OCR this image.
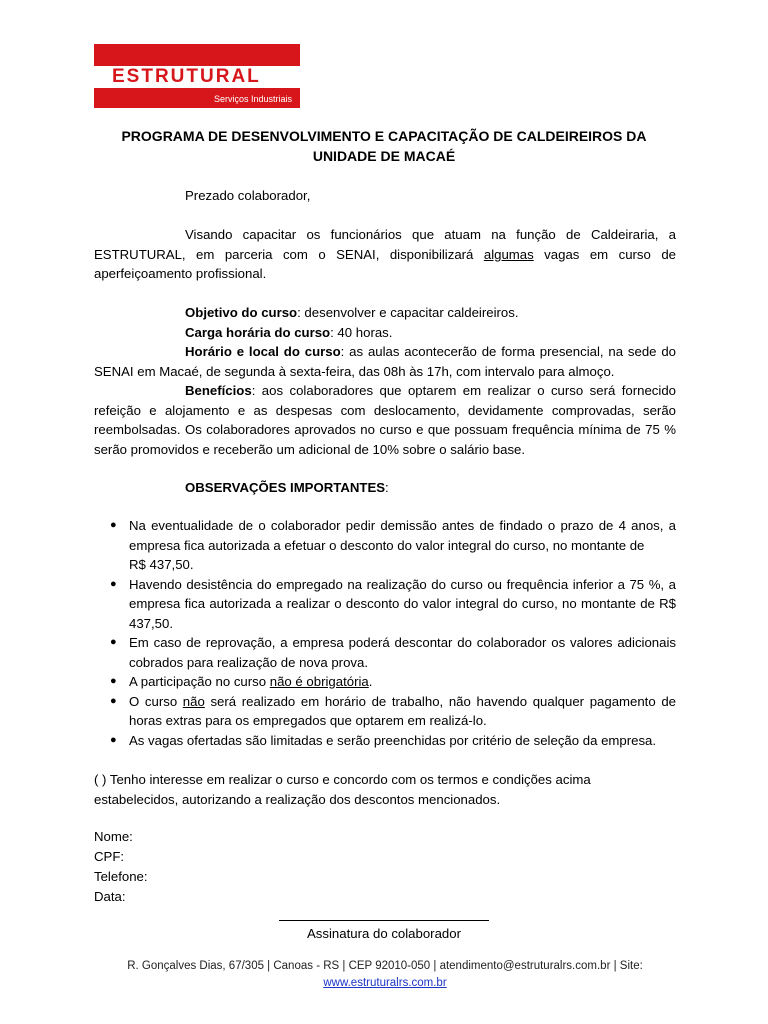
ESTRUTURAL
Serviços Industriais
PROGRAMA DE DESENVOLVIMENTO E CAPACITAÇÃO DE CALDEIREIROS DA
UNIDADE DE MACAÉ

Prezado colaborador,

Visando capacitar os funcionários que atuam na função de Caldeiraria, a ESTRUTURAL, em parceria com o SENAI, disponibilizará algumas vagas em curso de aperfeiçoamento profissional.

Objetivo do curso: desenvolver e capacitar caldeireiros.

Carga horária do curso: 40 horas.

Horário e local do curso: as aulas acontecerão de forma presencial, na sede do SENAI em Macaé, de segunda à sexta-feira, das 08h às 17h, com intervalo para almoço.

Benefícios: aos colaboradores que optarem em realizar o curso será fornecido refeição e alojamento e as despesas com deslocamento, devidamente comprovadas, serão reembolsadas. Os colaboradores aprovados no curso e que possuam frequência mínima de 75 % serão promovidos e receberão um adicional de 10% sobre o salário base.

OBSERVAÇÕES IMPORTANTES:

● Na eventualidade de o colaborador pedir demissão antes de findado o prazo de 4 anos, a empresa fica autorizada a efetuar o desconto do valor integral do curso, no montante de
R$ 437,50.
● Havendo desistência do empregado na realização do curso ou frequência inferior a 75 %, a empresa fica autorizada a realizar o desconto do valor integral do curso, no montante de R$ 437,50.
● Em caso de reprovação, a empresa poderá descontar do colaborador os valores adicionais cobrados para realização de nova prova.
● A participação no curso não é obrigatória.
● O curso não será realizado em horário de trabalho, não havendo qualquer pagamento de horas extras para os empregados que optarem em realizá-lo.
● As vagas ofertadas são limitadas e serão preenchidas por critério de seleção da empresa.

( ) Tenho interesse em realizar o curso e concordo com os termos e condições acima estabelecidos, autorizando a realização dos descontos mencionados.

Nome:
CPF:
Telefone:
Data:
Assinatura do colaborador
R. Gonçalves Dias, 67/305 | Canoas - RS | CEP 92010-050 | atendimento@estruturalrs.com.br | Site:
www.estruturalrs.com.br
